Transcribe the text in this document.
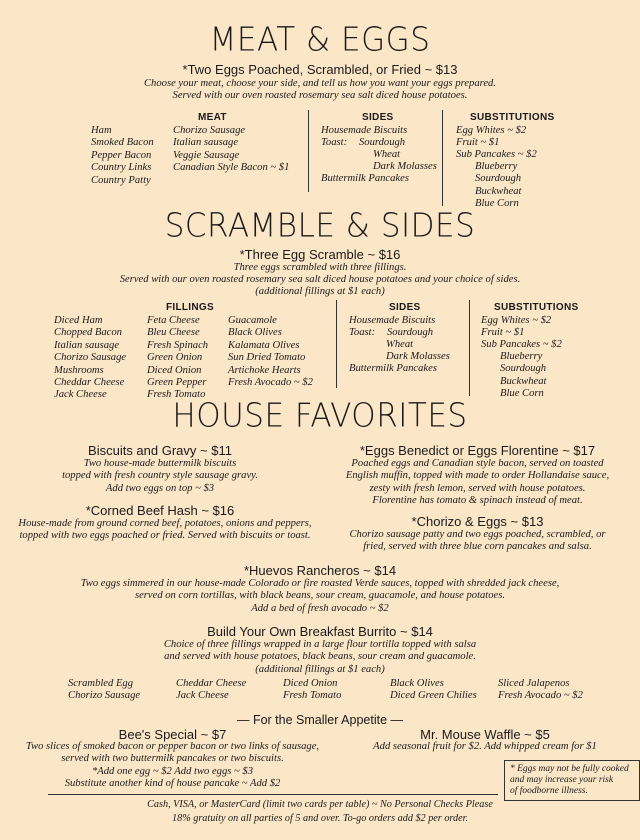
MEAT & EGGS
*Two Eggs Poached, Scrambled, or Fried ~ $13
Choose your meat, choose your side, and tell us how you want your eggs prepared.
Served with our oven roasted rosemary sea salt diced house potatoes.
MEAT
Ham
Smoked Bacon
Pepper Bacon
Country Links
Country Patty
Chorizo Sausage
Italian sausage
Veggie Sausage
Canadian Style Bacon ~ $1
SIDES
Housemade Biscuits
Toast: Sourdough
Wheat
Dark Molasses
Buttermilk Pancakes
SUBSTITUTIONS
Egg Whites ~ $2
Fruit ~ $1
Sub Pancakes ~ $2
Blueberry
Sourdough
Buckwheat
Blue Corn
SCRAMBLE & SIDES
*Three Egg Scramble ~ $16
Three eggs scrambled with three fillings.
Served with our oven roasted rosemary sea salt diced house potatoes and your choice of sides.
(additional fillings at $1 each)
FILLINGS
Diced Ham
Chopped Bacon
Italian sausage
Chorizo Sausage
Mushrooms
Cheddar Cheese
Jack Cheese
Feta Cheese
Bleu Cheese
Fresh Spinach
Green Onion
Diced Onion
Green Pepper
Fresh Tomato
Guacamole
Black Olives
Kalamata Olives
Sun Dried Tomato
Artichoke Hearts
Fresh Avocado ~ $2
SIDES
Housemade Biscuits
Toast: Sourdough
Wheat
Dark Molasses
Buttermilk Pancakes
SUBSTITUTIONS
Egg Whites ~ $2
Fruit ~ $1
Sub Pancakes ~ $2
Blueberry
Sourdough
Buckwheat
Blue Corn
HOUSE FAVORITES
Biscuits and Gravy ~ $11
Two house-made buttermilk biscuits
topped with fresh country style sausage gravy.
Add two eggs on top ~ $3
*Eggs Benedict or Eggs Florentine ~ $17
Poached eggs and Canadian style bacon, served on toasted
English muffin, topped with made to order Hollandaise sauce,
zesty with fresh lemon, served with house potatoes.
Florentine has tomato & spinach instead of meat.
*Corned Beef Hash ~ $16
House-made from ground corned beef, potatoes, onions and peppers,
topped with two eggs poached or fried. Served with biscuits or toast.
*Chorizo & Eggs ~ $13
Chorizo sausage patty and two eggs poached, scrambled, or
fried, served with three blue corn pancakes and salsa.
*Huevos Rancheros ~ $14
Two eggs simmered in our house-made Colorado or fire roasted Verde sauces, topped with shredded jack cheese,
served on corn tortillas, with black beans, sour cream, guacamole, and house potatoes.
Add a bed of fresh avocado ~ $2
Build Your Own Breakfast Burrito ~ $14
Choice of three fillings wrapped in a large flour tortilla topped with salsa
and served with house potatoes, black beans, sour cream and guacamole.
(additional fillings at $1 each)
Scrambled Egg
Chorizo Sausage
Cheddar Cheese
Jack Cheese
Diced Onion
Fresh Tomato
Black Olives
Diced Green Chilies
Sliced Jalapenos
Fresh Avocado ~ $2
— For the Smaller Appetite —
Bee's Special ~ $7
Two slices of smoked bacon or pepper bacon or two links of sausage,
served with two buttermilk pancakes or two biscuits.
*Add one egg ~ $2 Add two eggs ~ $3
Substitute another kind of house pancake ~ Add $2
Mr. Mouse Waffle ~ $5
Add seasonal fruit for $2. Add whipped cream for $1
* Eggs may not be fully cooked
and may increase your risk
of foodborne illness.
Cash, VISA, or MasterCard (limit two cards per table) ~ No Personal Checks Please
18% gratuity on all parties of 5 and over. To-go orders add $2 per order.
